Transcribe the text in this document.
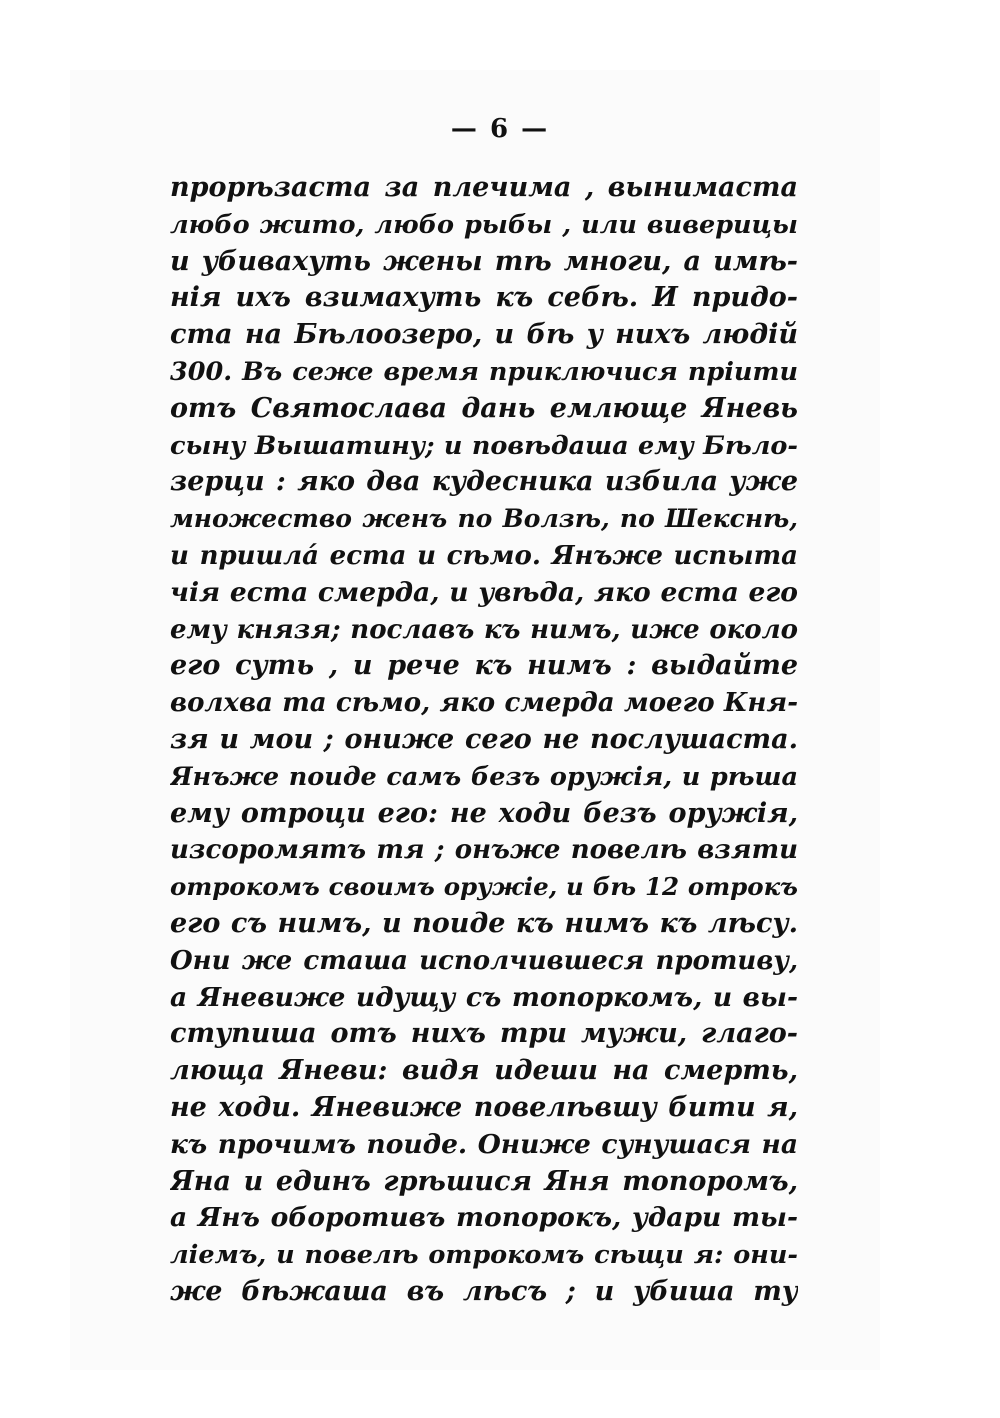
— 6 —
прорѣзаста за плечима , вынимаста
любо жито, любо рыбы , или виверицы
и убивахуть жены тѣ многи, а имѣ-
нія ихъ взимахуть къ себѣ. И придо-
ста на Бѣлоозеро, и бѣ у нихъ людій
300. Въ сеже время приключися прiити
отъ Святослава дань емлюще Яневь
сыну Вышатину; и повѣдаша ему Бѣло-
зерци : яко два кудесника избила уже
множество женъ по Волзѣ, по Шекснѣ,
и пришлá еста и сѣмо. Янъже испыта
чія еста смерда, и увѣда, яко еста его
ему князя; пославъ къ нимъ, иже около
его суть , и рече къ нимъ : выдайте
волхва та сѣмо, яко смерда моего Кня-
зя и мои ; ониже сего не послушаста.
Янъже поиде самъ безъ оружія, и рѣша
ему отроци его: не ходи безъ оружія,
изсоромятъ тя ; онъже повелѣ взяти
отрокомъ своимъ оружіе, и бѣ 12 отрокъ
его съ нимъ, и поиде къ нимъ къ лѣсу.
Они же сташа исполчившеся противу,
а Яневиже идущу съ топоркомъ, и вы-
ступиша отъ нихъ три мужи, глаго-
люща Яневи: видя идеши на смерть,
не ходи. Яневиже повелѣвшу бити я,
къ прочимъ поиде. Ониже сунушася на
Яна и единъ грѣшися Яня топоромъ,
а Янъ оборотивъ топорокъ, удари ты-
ліемъ, и повелѣ отрокомъ сѣщи я: они-
же бѣжаша въ лѣсъ ; и убиша ту
